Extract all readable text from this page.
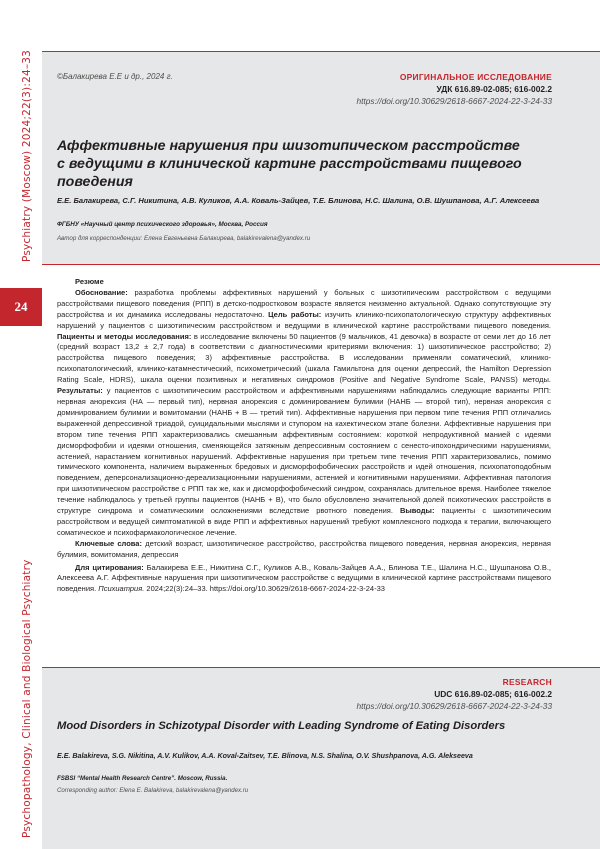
Psychiatry (Moscow) 2024;22(3):24–33
24
Psychopathology, Clinical and Biological Psychiatry
©Балакирева Е.Е и др., 2024 г.	ОРИГИНАЛЬНОЕ ИССЛЕДОВАНИЕ
УДК 616.89-02-085; 616-002.2
https://doi.org/10.30629/2618-6667-2024-22-3-24-33
Аффективные нарушения при шизотипическом расстройстве с ведущими в клинической картине расстройствами пищевого поведения
Е.Е. Балакирева, С.Г. Никитина, А.В. Куликов, А.А. Коваль-Зайцев, Т.Е. Блинова, Н.С. Шалина, О.В. Шушпанова, А.Г. Алексеева
ФГБНУ «Научный центр психического здоровья», Москва, Россия
Автор для корреспонденции: Елена Евгеньевна Балакирева, balakirevalena@yandex.ru

Резюме

Обоснование: разработка проблемы аффективных нарушений у больных с шизотипическим расстройством с ведущими расстройствами пищевого поведения (РПП) в детско-подростковом возрасте является неизменно актуальной. Однако сопутствующие эту расстройства и их динамика исследованы недостаточно. Цель работы: изучить клинико-психопатологическую структуру аффективных нарушений у пациентов с шизотипическим расстройством и ведущими в клинической картине расстройствами пищевого поведения. Пациенты и методы исследования: в исследование включены 50 пациентов (9 мальчиков, 41 девочка) в возрасте от семи лет до 16 лет (средний возраст 13,2 ± 2,7 года) в соответствии с диагностическими критериями включения: 1) шизотипическое расстройство; 2) расстройства пищевого поведения; 3) аффективные расстройства. В исследовании применяли соматический, клинико-психопатологический, клинико-катамнестический, психометрический (шкала Гамильтона для оценки депрессий, the Hamilton Depression Rating Scale, HDRS), шкала оценки позитивных и негативных синдромов (Positive and Negative Syndrome Scale, PANSS) методы. Результаты: у пациентов с шизотипическим расстройством и аффективными нарушениями наблюдались следующие варианты РПП: нервная анорексия (НА — первый тип), нервная анорексия с доминированием булимии (НАНБ — второй тип), нервная анорексия с доминированием булимии и вомитомании (НАНБ + В — третий тип). Аффективные нарушения при первом типе течения РПП отличались выраженной депрессивной триадой, суицидальными мыслями и ступором на кахектическом этапе болезни. Аффективные нарушения при втором типе течения РПП характеризовались смешанным аффективным состоянием: короткой непродуктивной манией с идеями дисморфофобии и идеями отношения, сменяющейся затяжным депрессивным состоянием с сенесто-ипохондрическими нарушениями, астенией, нарастанием когнитивных нарушений. Аффективные нарушения при третьем типе течения РПП характеризовались, помимо тимического компонента, наличием выраженных бредовых и дисморфофобических расстройств и идей отношения, психопатоподобным поведением, деперсонализационно-дереализационными нарушениями, астенией и когнитивными нарушениями. Аффективная патология при шизотипическом расстройстве с РПП так же, как и дисморфофобический синдром, сохранялась длительное время. Наиболее тяжелое течение наблюдалось у третьей группы пациентов (НАНБ + В), что было обусловлено значительной долей психотических расстройств в структуре синдрома и соматическими осложнениями вследствие рвотного поведения. Выводы: пациенты с шизотипическим расстройством и ведущей симптоматикой в виде РПП и аффективных нарушений требуют комплексного подхода к терапии, включающего соматическое и психофармакологическое лечение.

Ключевые слова: детский возраст, шизотипическое расстройство, расстройства пищевого поведения, нервная анорексия, нервная булимия, вомитомания, депрессия

Для цитирования: Балакирева Е.Е., Никитина С.Г., Куликов А.В., Коваль-Зайцев А.А., Блинова Т.Е., Шалина Н.С., Шушпанова О.В., Алексеева А.Г. Аффективные нарушения при шизотипическом расстройстве с ведущими в клинической картине расстройствами пищевого поведения. Психиатрия. 2024;22(3):24–33. https://doi.org/10.30629/2618-6667-2024-22-3-24-33

RESEARCH
UDC 616.89-02-085; 616-002.2
https://doi.org/10.30629/2618-6667-2024-22-3-24-33
Mood Disorders in Schizotypal Disorder with Leading Syndrome of Eating Disorders
E.E. Balakireva, S.G. Nikitina, A.V. Kulikov, A.A. Koval-Zaitsev, T.E. Blinova, N.S. Shalina, O.V. Shushpanova, A.G. Alekseeva
FSBSI “Mental Health Research Centre”. Moscow, Russia.
Corresponding author: Elena E. Balakireva, balakirevalena@yandex.ru
